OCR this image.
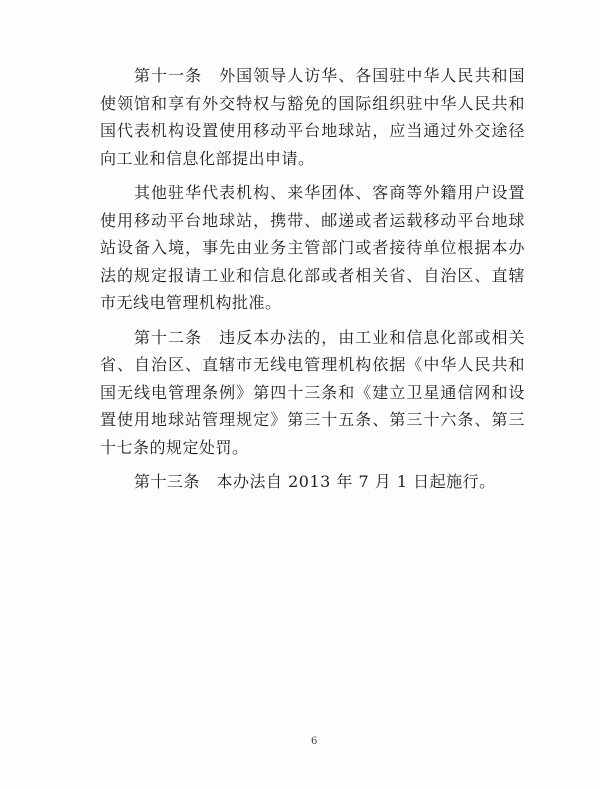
第十一条　外国领导人访华、各国驻中华人民共和国使领馆和享有外交特权与豁免的国际组织驻中华人民共和国代表机构设置使用移动平台地球站，应当通过外交途径向工业和信息化部提出申请。

其他驻华代表机构、来华团体、客商等外籍用户设置使用移动平台地球站，携带、邮递或者运载移动平台地球站设备入境，事先由业务主管部门或者接待单位根据本办法的规定报请工业和信息化部或者相关省、自治区、直辖市无线电管理机构批准。

第十二条　违反本办法的，由工业和信息化部或相关省、自治区、直辖市无线电管理机构依据《中华人民共和国无线电管理条例》第四十三条和《建立卫星通信网和设置使用地球站管理规定》第三十五条、第三十六条、第三十七条的规定处罚。

第十三条　本办法自 2013 年 7 月 1 日起施行。

6
